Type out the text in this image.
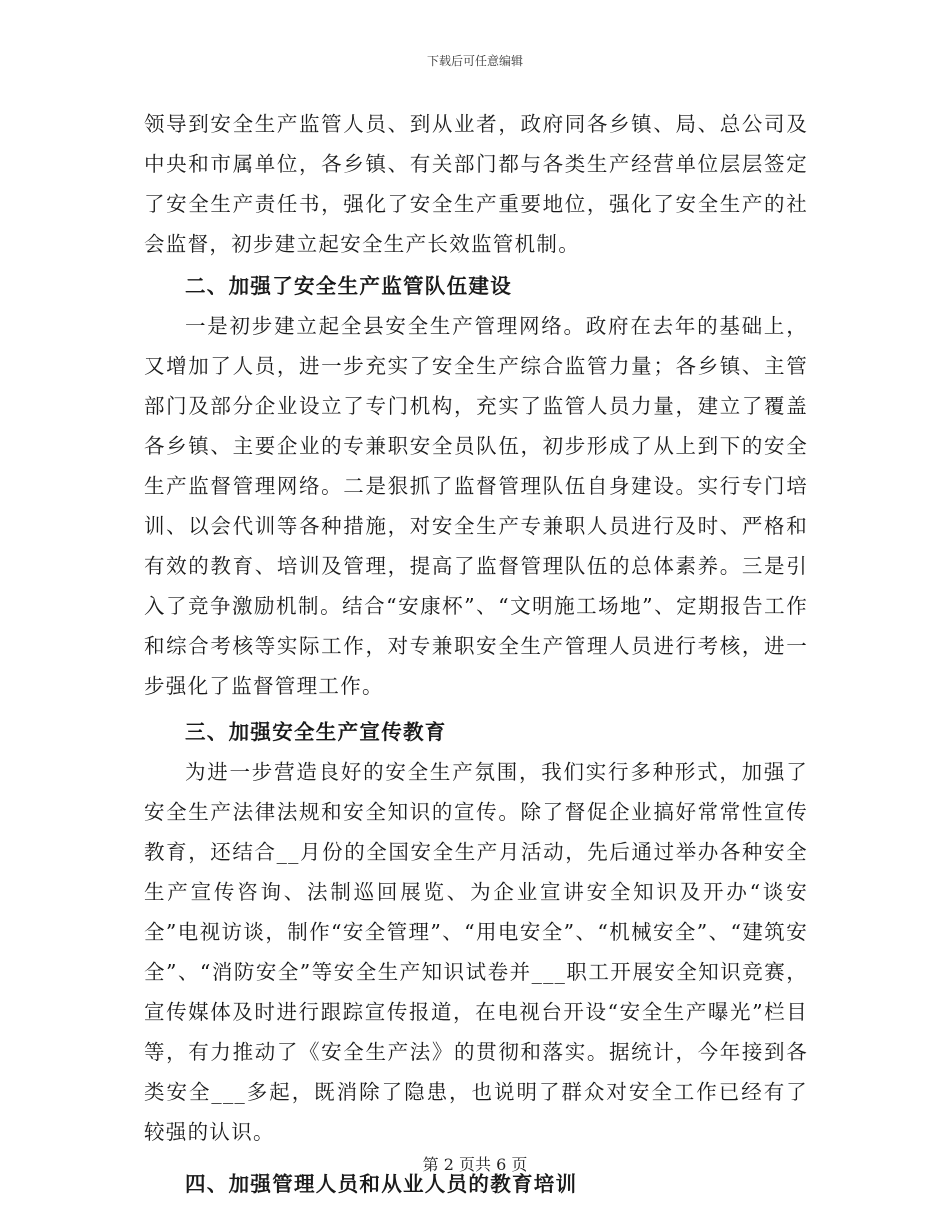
下载后可任意编辑

领导到安全生产监管人员、到从业者，政府同各乡镇、局、总公司及中央和市属单位，各乡镇、有关部门都与各类生产经营单位层层签定了安全生产责任书，强化了安全生产重要地位，强化了安全生产的社会监督，初步建立起安全生产长效监管机制。

二、加强了安全生产监管队伍建设

一是初步建立起全县安全生产管理网络。政府在去年的基础上，又增加了人员，进一步充实了安全生产综合监管力量；各乡镇、主管部门及部分企业设立了专门机构，充实了监管人员力量，建立了覆盖各乡镇、主要企业的专兼职安全员队伍，初步形成了从上到下的安全生产监督管理网络。二是狠抓了监督管理队伍自身建设。实行专门培训、以会代训等各种措施，对安全生产专兼职人员进行及时、严格和有效的教育、培训及管理，提高了监督管理队伍的总体素养。三是引入了竞争激励机制。结合“安康杯”、“文明施工场地”、定期报告工作和综合考核等实际工作，对专兼职安全生产管理人员进行考核，进一步强化了监督管理工作。

三、加强安全生产宣传教育

为进一步营造良好的安全生产氛围，我们实行多种形式，加强了安全生产法律法规和安全知识的宣传。除了督促企业搞好常常性宣传教育，还结合__月份的全国安全生产月活动，先后通过举办各种安全生产宣传咨询、法制巡回展览、为企业宣讲安全知识及开办“谈安全”电视访谈，制作“安全管理”、“用电安全”、“机械安全”、“建筑安全”、“消防安全”等安全生产知识试卷并___职工开展安全知识竞赛，宣传媒体及时进行跟踪宣传报道，在电视台开设“安全生产曝光”栏目等，有力推动了《安全生产法》的贯彻和落实。据统计，今年接到各类安全___多起，既消除了隐患，也说明了群众对安全工作已经有了较强的认识。

四、加强管理人员和从业人员的教育培训

第 2 页共 6 页
